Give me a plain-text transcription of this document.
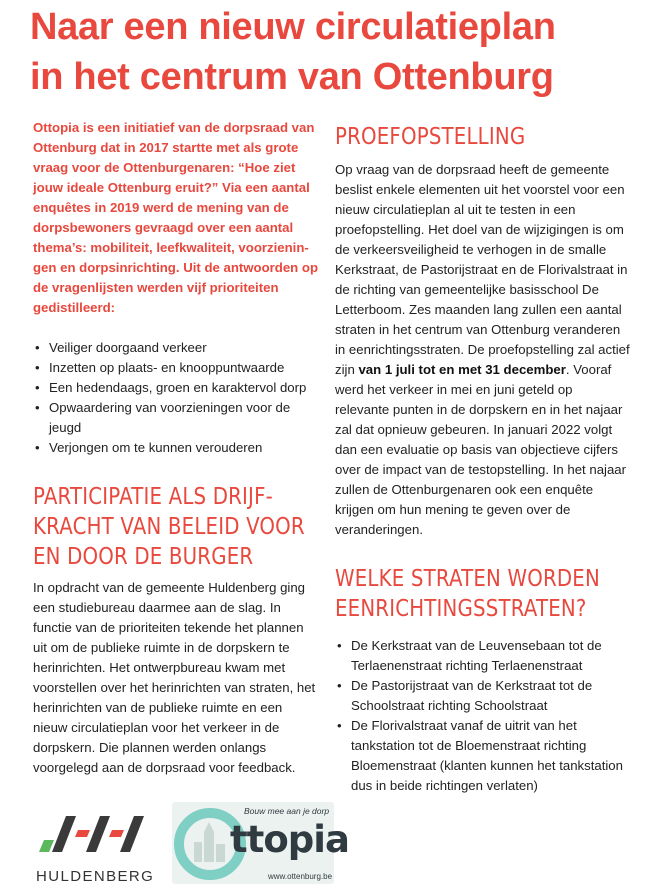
Naar een nieuw circulatieplan
in het centrum van Ottenburg

Ottopia is een initiatief van de dorpsraad van Ottenburg dat in 2017 startte met als grote vraag voor de Ottenburgenaren: “Hoe ziet jouw ideale Ottenburg eruit?” Via een aantal enquêtes in 2019 werd de mening van de dorpsbewoners gevraagd over een aantal thema’s: mobiliteit, leefkwaliteit, voorzieningen en dorpsinrichting. Uit de antwoorden op de vragenlijsten werden vijf prioriteiten gedistilleerd:

• Veiliger doorgaand verkeer
• Inzetten op plaats- en knooppuntwaarde
• Een hedendaags, groen en karaktervol dorp
• Opwaardering van voorzieningen voor de jeugd
• Verjongen om te kunnen verouderen
PARTICIPATIE ALS DRIJFKRACHT VAN BELEID VOOR EN DOOR DE BURGER

In opdracht van de gemeente Huldenberg ging een studiebureau daarmee aan de slag. In functie van de prioriteiten tekende het plannen uit om de publieke ruimte in de dorpskern te herinrichten. Het ontwerpbureau kwam met voorstellen over het herinrichten van straten, het herinrichten van de publieke ruimte en een nieuw circulatieplan voor het verkeer in de dorpskern. Die plannen werden onlangs voorgelegd aan de dorpsraad voor feedback.

PROEFOPSTELLING

Op vraag van de dorpsraad heeft de gemeente beslist enkele elementen uit het voorstel voor een nieuw circulatieplan al uit te testen in een proefopstelling. Het doel van de wijzigingen is om de verkeersveiligheid te verhogen in de smalle Kerkstraat, de Pastorijstraat en de Florivalstraat in de richting van gemeentelijke basisschool De Letterboom. Zes maanden lang zullen een aantal straten in het centrum van Ottenburg veranderen in eenrichtingsstraten. De proefopstelling zal actief zijn van 1 juli tot en met 31 december. Vooraf werd het verkeer in mei en juni geteld op relevante punten in de dorpskern en in het najaar zal dat opnieuw gebeuren. In januari 2022 volgt dan een evaluatie op basis van objectieve cijfers over de impact van de testopstelling. In het najaar zullen de Ottenburgenaren ook een enquête krijgen om hun mening te geven over de veranderingen.

WELKE STRATEN WORDEN EENRICHTINGSSTRATEN?
• De Kerkstraat van de Leuvensebaan tot de Terlaenenstraat richting Terlaenenstraat
• De Pastorijstraat van de Kerkstraat tot de Schoolstraat richting Schoolstraat
• De Florivalstraat vanaf de uitrit van het tankstation tot de Bloemenstraat richting Bloemenstraat (klanten kunnen het tankstation dus in beide richtingen verlaten)
HULDENBERG
Bouw mee aan je dorp
ttopia
www.ottenburg.be
